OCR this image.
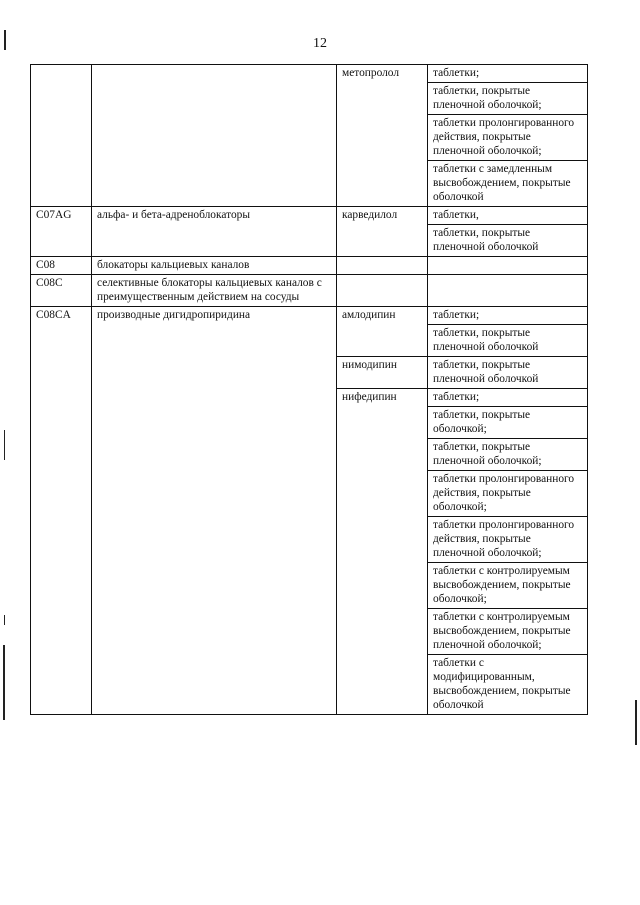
12
		метопролол	таблетки;
			таблетки, покрытые пленочной оболочкой;
			таблетки пролонгированного действия, покрытые пленочной оболочкой;
			таблетки с замедленным высвобождением, покрытые оболочкой
C07AG	альфа- и бета-адреноблокаторы	карведилол	таблетки,
			таблетки, покрытые пленочной оболочкой
C08	блокаторы кальциевых каналов		
C08C	селективные блокаторы кальциевых каналов с преимущественным действием на сосуды		
C08CA	производные дигидропиридина	амлодипин	таблетки;
			таблетки, покрытые пленочной оболочкой
		нимодипин	таблетки, покрытые пленочной оболочкой
		нифедипин	таблетки;
			таблетки, покрытые оболочкой;
			таблетки, покрытые пленочной оболочкой;
			таблетки пролонгированного действия, покрытые оболочкой;
			таблетки пролонгированного действия, покрытые пленочной оболочкой;
			таблетки с контролируемым высвобождением, покрытые оболочкой;
			таблетки с контролируемым высвобождением, покрытые пленочной оболочкой;
			таблетки с модифицированным, высвобождением, покрытые оболочкой
